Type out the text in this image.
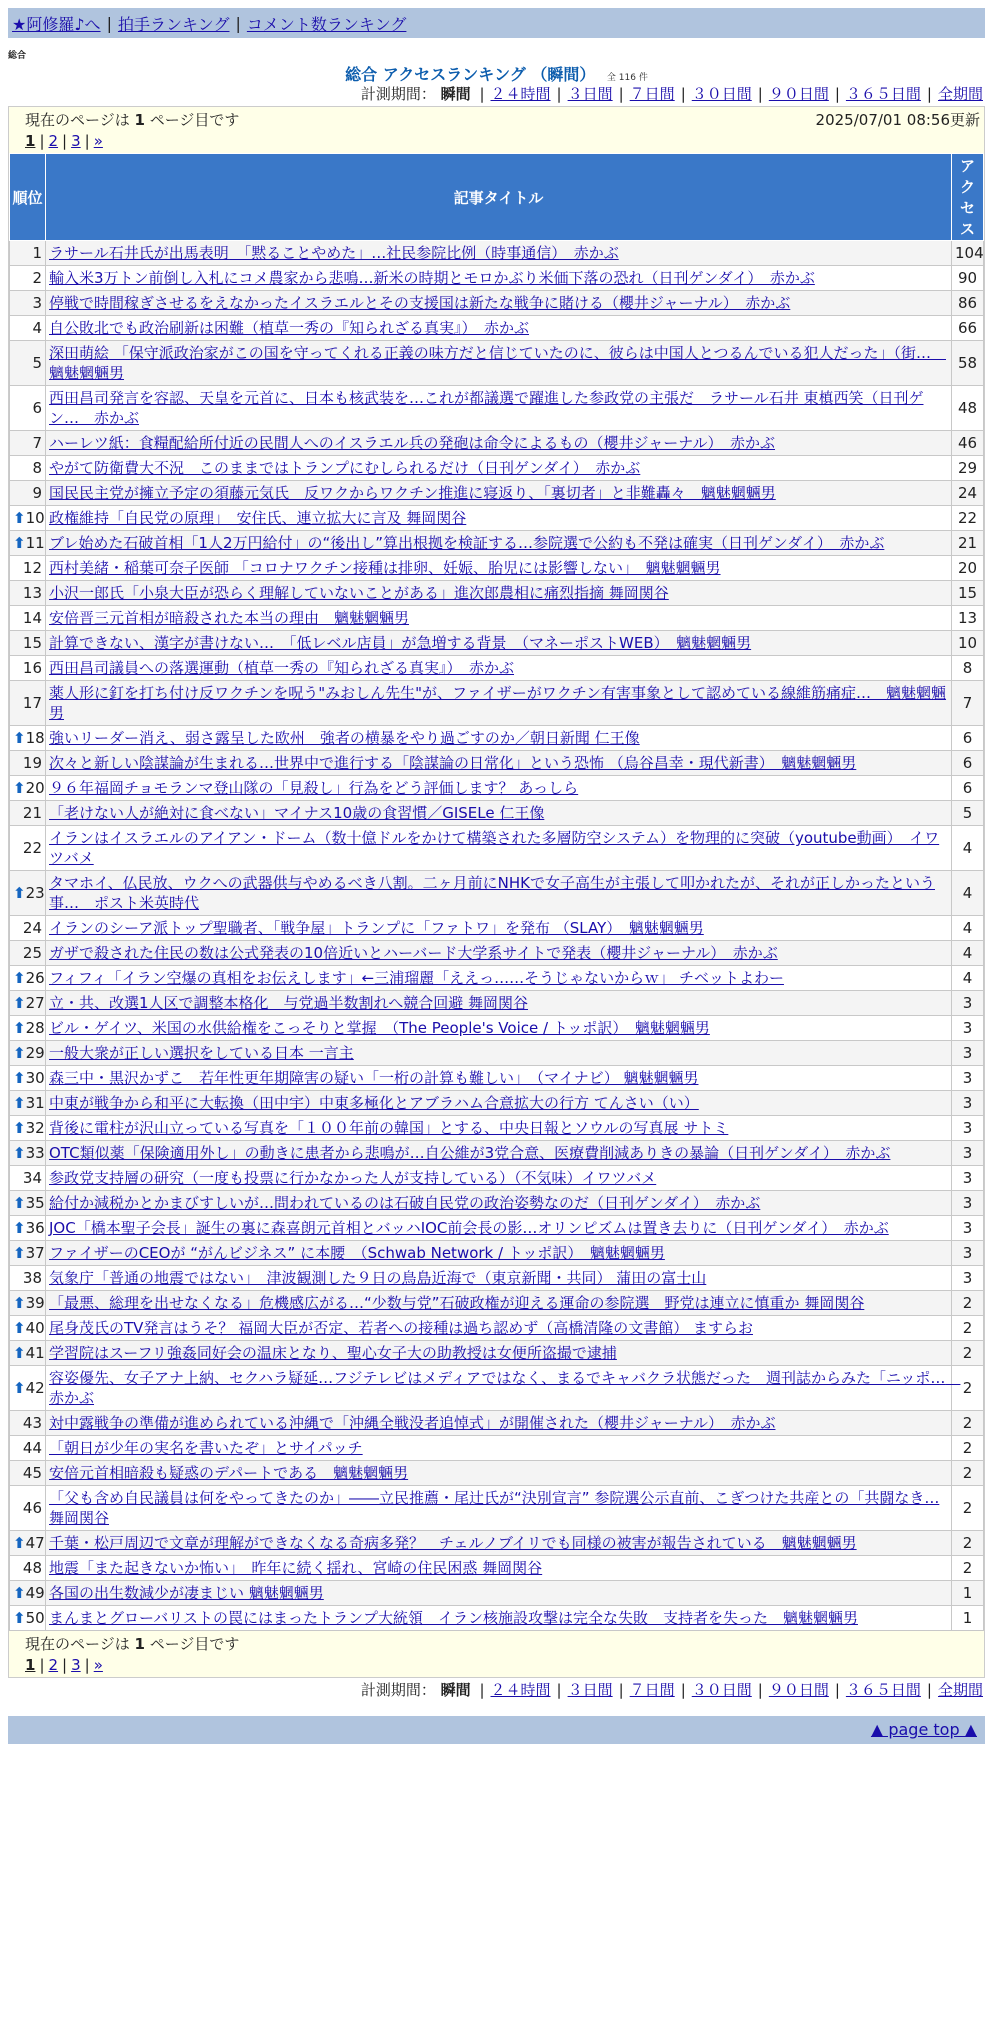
★阿修羅♪へ | 拍手ランキング | コメント数ランキング
総合
総合 アクセスランキング （瞬間） 全 116 件
計測期間： 瞬間 | ２４時間 | ３日間 | ７日間 | ３０日間 | ９０日間 | ３６５日間 | 全期間
現在のページは 1 ページ目です	2025/07/01 08:56更新
1 | 2 | 3 | »
順位	記事タイトル	アクセス
1	ラサール石井氏が出馬表明　「黙ることやめた」…社民参院比例（時事通信）　赤かぶ	104
2	輸入米3万トン前倒し入札にコメ農家から悲鳴…新米の時期とモロかぶり米価下落の恐れ（日刊ゲンダイ）　赤かぶ	90
3	停戦で時間稼ぎさせるをえなかったイスラエルとその支援国は新たな戦争に賭ける（櫻井ジャーナル）　赤かぶ	86
4	自公敗北でも政治刷新は困難（植草一秀の『知られざる真実』）　赤かぶ	66
5	深田萌絵 「保守派政治家がこの国を守ってくれる正義の味方だと信じていたのに、彼らは中国人とつるんでいる犯人だった」（街…　魑魅魍魎男	58
6	西田昌司発言を容認、天皇を元首に、日本も核武装を…これが都議選で躍進した参政党の主張だ　ラサール石井 東槙西笑（日刊ゲン…　赤かぶ	48
7	ハーレツ紙：食糧配給所付近の民間人へのイスラエル兵の発砲は命令によるもの（櫻井ジャーナル）　赤かぶ	46
8	やがて防衛費大不況　このままではトランプにむしられるだけ（日刊ゲンダイ）　赤かぶ	29
9	国民民主党が擁立予定の須藤元気氏　反ワクからワクチン推進に寝返り、「裏切者」と非難轟々　魑魅魍魎男	24

⬆ 10	政権維持「自民党の原理」　安住氏、連立拡大に言及 舞岡関谷	22

⬆ 11	ブレ始めた石破首相「1人2万円給付」の“後出し”算出根拠を検証する…参院選で公約も不発は確実（日刊ゲンダイ）　赤かぶ	21
12	西村美緒・稲葉可奈子医師 「コロナワクチン接種は排卵、妊娠、胎児には影響しない」　魑魅魍魎男	20
13	小沢一郎氏「小泉大臣が恐らく理解していないことがある」進次郎農相に痛烈指摘 舞岡関谷	15
14	安倍晋三元首相が暗殺された本当の理由　魑魅魍魎男	13
15	計算できない、漢字が書けない…　「低レベル店員」が急増する背景　（マネーポストWEB）　魑魅魍魎男	10
16	西田昌司議員への落選運動（植草一秀の『知られざる真実』）　赤かぶ	8
17	薬人形に釘を打ち付け反ワクチンを呪う"みおしん先生"が、ファイザーがワクチン有害事象として認めている線維筋痛症…　魑魅魍魎男	7

⬆ 18	強いリーダー消え、弱さ露呈した欧州　強者の横暴をやり過ごすのか／朝日新聞 仁王像	6
19	次々と新しい陰謀論が生まれる…世界中で進行する「陰謀論の日常化」という恐怖 （烏谷昌幸・現代新書）　魑魅魍魎男	6

⬆ 20	９６年福岡チョモランマ登山隊の「見殺し」行為をどう評価します？ あっしら	6
21	「老けない人が絶対に食べない」マイナス10歳の食習慣／GISELe 仁王像	5
22	イランはイスラエルのアイアン・ドーム（数十億ドルをかけて構築された多層防空システム）を物理的に突破（youtube動画）　イワツバメ	4

⬆ 23	タマホイ、仏民放、ウクへの武器供与やめるべき八割。二ヶ月前にNHKで女子高生が主張して叩かれたが、それが正しかったという事…　ポスト米英時代	4
24	イランのシーア派トップ聖職者、「戦争屋」トランプに「ファトワ」を発布 （SLAY）　魑魅魍魎男	4
25	ガザで殺された住民の数は公式発表の10倍近いとハーバード大学系サイトで発表（櫻井ジャーナル）　赤かぶ	4

⬆ 26	フィフィ「イラン空爆の真相をお伝えします」←三浦瑠麗「ええっ……そうじゃないからｗ」 チベットよわー	4

⬆ 27	立・共、改選1人区で調整本格化　与党過半数割れへ競合回避 舞岡関谷	3

⬆ 28	ビル・ゲイツ、米国の水供給権をこっそりと掌握　（The People's Voice / トッポ訳）　魑魅魍魎男	3

⬆ 29	一般大衆が正しい選択をしている日本 一言主	3

⬆ 30	森三中・黒沢かずこ　若年性更年期障害の疑い「一桁の計算も難しい」　（マイナビ） 魑魅魍魎男	3

⬆ 31	中東が戦争から和平に大転換（田中宇）中東多極化とアブラハム合意拡大の行方 てんさい（い）	3

⬆ 32	背後に電柱が沢山立っている写真を「１００年前の韓国」とする、中央日報とソウルの写真展 サトミ	3

⬆ 33	OTC類似薬「保険適用外し」の動きに患者から悲鳴が…自公維が3党合意、医療費削減ありきの暴論（日刊ゲンダイ）　赤かぶ	3
34	参政党支持層の研究（一度も投票に行かなかった人が支持している）（不気味）イワツバメ	3

⬆ 35	給付か減税かとかまびすしいが…問われているのは石破自民党の政治姿勢なのだ（日刊ゲンダイ）　赤かぶ	3

⬆ 36	JOC「橋本聖子会長」誕生の裏に森喜朗元首相とバッハIOC前会長の影…オリンピズムは置き去りに（日刊ゲンダイ）　赤かぶ	3

⬆ 37	ファイザーのCEOが “がんビジネス” に本腰　（Schwab Network / トッポ訳）　魑魅魍魎男	3
38	気象庁「普通の地震ではない」　津波観測した９日の鳥島近海で（東京新聞・共同） 蒲田の富士山	3

⬆ 39	「最悪、総理を出せなくなる」危機感広がる…“少数与党”石破政権が迎える運命の参院選　野党は連立に慎重か 舞岡関谷	2

⬆ 40	尾身茂氏のTV発言はうそ？ 福岡大臣が否定、若者への接種は過ち認めず（高橋清隆の文書館） ますらお	2

⬆ 41	学習院はスーフリ強姦同好会の温床となり、聖心女子大の助教授は女便所盗撮で逮捕	2

⬆ 42	容姿優先、女子アナ上納、セクハラ疑延…フジテレビはメディアではなく、まるでキャバクラ状態だった　週刊誌からみた「ニッポ…　赤かぶ	2
43	対中露戦争の準備が進められている沖縄で「沖縄全戦没者追悼式」が開催された（櫻井ジャーナル）　赤かぶ	2
44	「朝日が少年の実名を書いたぞ」とサイパッチ	2
45	安倍元首相暗殺も疑惑のデパートである　魑魅魍魎男	2
46	「父も含め自民議員は何をやってきたのか」――立民推薦・尾辻氏が“決別宣言” 参院選公示直前、こぎつけた共産との「共闘なき… 舞岡関谷	2

⬆ 47	千葉・松戸周辺で文章が理解ができなくなる奇病多発？　チェルノブイリでも同様の被害が報告されている　魑魅魍魎男	2
48	地震「また起きないか怖い」　昨年に続く揺れ、宮崎の住民困惑 舞岡関谷	2

⬆ 49	各国の出生数減少が凄まじい 魑魅魍魎男	1

⬆ 50	まんまとグローバリストの罠にはまったトランプ大統領　イラン核施設攻撃は完全な失敗　支持者を失った　魑魅魍魎男	1
現在のページは 1 ページ目です
1 | 2 | 3 | »
計測期間： 瞬間 | ２４時間 | ３日間 | ７日間 | ３０日間 | ９０日間 | ３６５日間 | 全期間
▲ page top ▲
